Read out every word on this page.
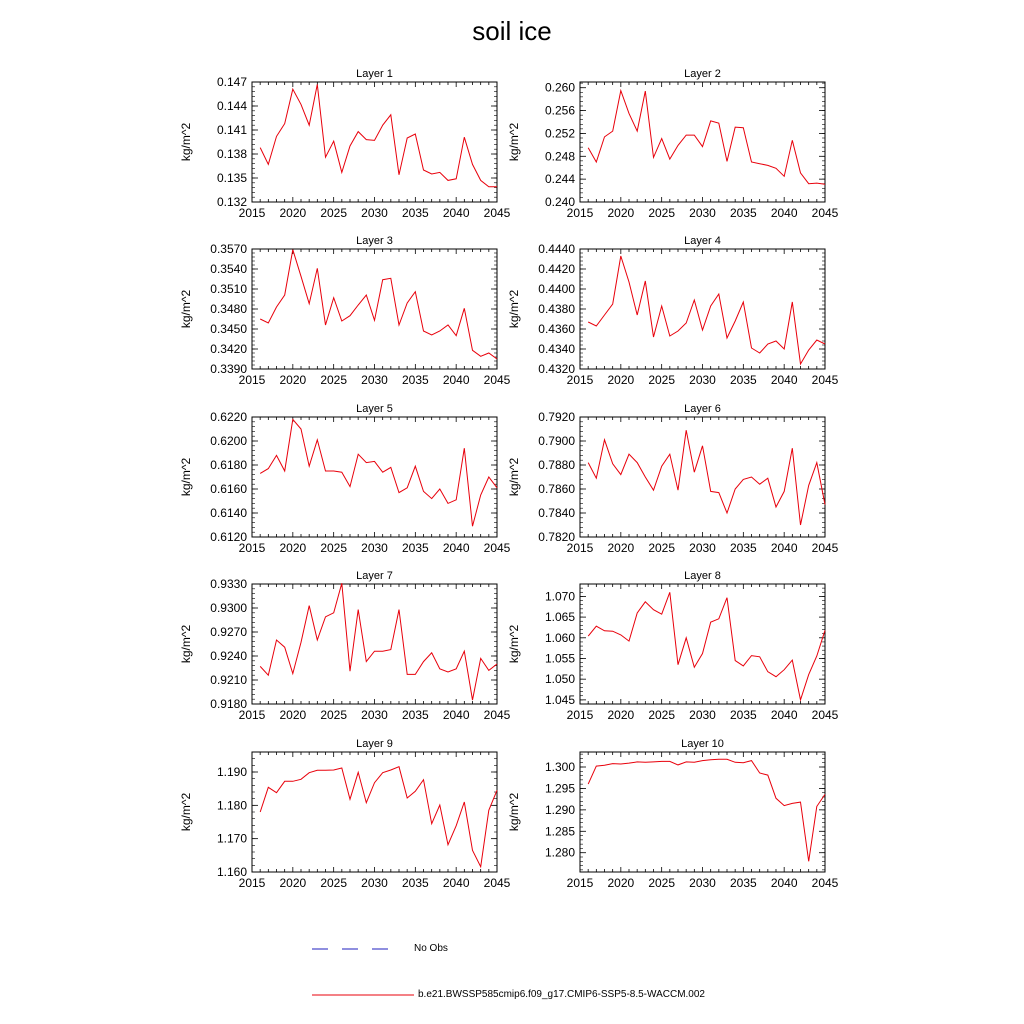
soil ice
Layer 1
2015 2020 2025 2030 2035 2040 2045
0.132
0.135
0.138
0.141
0.144
0.147
kg/m^2
Layer 2
2015 2020 2025 2030 2035 2040 2045
0.240
0.244
0.248
0.252
0.256
0.260
kg/m^2
Layer 3
2015 2020 2025 2030 2035 2040 2045
0.3390
0.3420
0.3450
0.3480
0.3510
0.3540
0.3570
kg/m^2
Layer 4
2015 2020 2025 2030 2035 2040 2045
0.4320
0.4340
0.4360
0.4380
0.4400
0.4420
0.4440
kg/m^2
Layer 5
2015 2020 2025 2030 2035 2040 2045
0.6120
0.6140
0.6160
0.6180
0.6200
0.6220
kg/m^2
Layer 6
2015 2020 2025 2030 2035 2040 2045
0.7820
0.7840
0.7860
0.7880
0.7900
0.7920
kg/m^2
Layer 7
2015 2020 2025 2030 2035 2040 2045
0.9180
0.9210
0.9240
0.9270
0.9300
0.9330
kg/m^2
Layer 8
2015 2020 2025 2030 2035 2040 2045
1.045
1.050
1.055
1.060
1.065
1.070
kg/m^2
Layer 9
2015 2020 2025 2030 2035 2040 2045
1.160
1.170
1.180
1.190
kg/m^2
Layer 10
2015 2020 2025 2030 2035 2040 2045
1.280
1.285
1.290
1.295
1.300
kg/m^2
No Obs
b.e21.BWSSP585cmip6.f09_g17.CMIP6-SSP5-8.5-WACCM.002
